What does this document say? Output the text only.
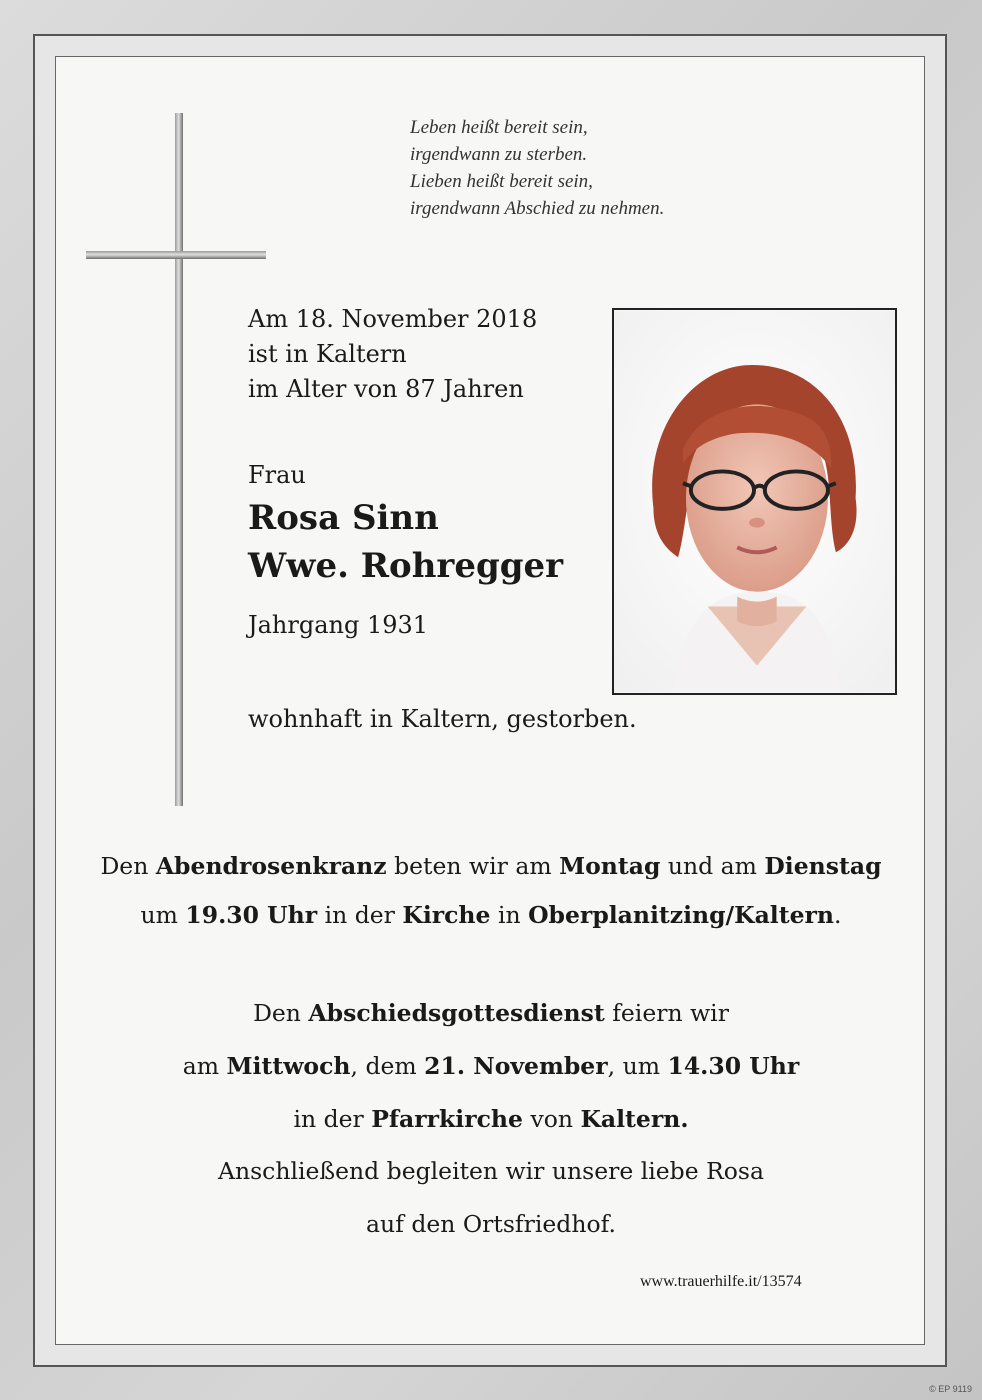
Leben heißt bereit sein,
irgendwann zu sterben.
Lieben heißt bereit sein,
irgendwann Abschied zu nehmen.
Am 18. November 2018
ist in Kaltern
im Alter von 87 Jahren
Frau
Rosa Sinn
Wwe. Rohregger
Jahrgang 1931
wohnhaft in Kaltern, gestorben.
Den Abendrosenkranz beten wir am Montag und am Dienstag
um 19.30 Uhr in der Kirche in Oberplanitzing/Kaltern.
Den Abschiedsgottesdienst feiern wir
am Mittwoch, dem 21. November, um 14.30 Uhr
in der Pfarrkirche von Kaltern.
Anschließend begleiten wir unsere liebe Rosa
auf den Ortsfriedhof.
www.trauerhilfe.it/13574
© EP 9119
